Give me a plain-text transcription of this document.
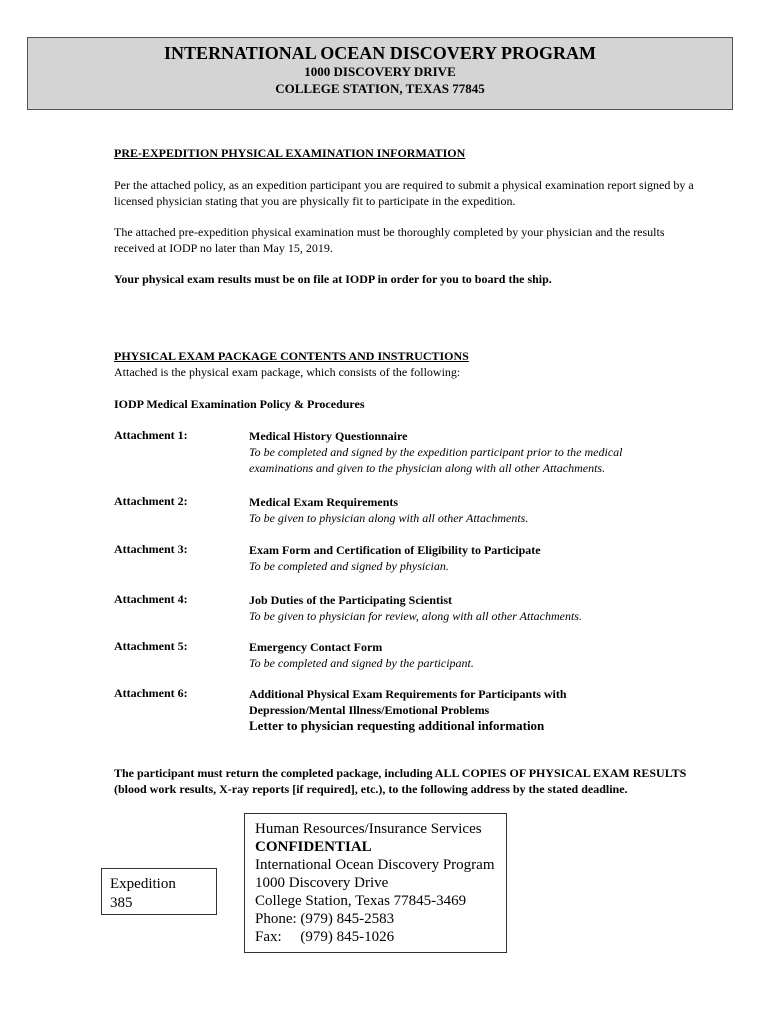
INTERNATIONAL OCEAN DISCOVERY PROGRAM
1000 DISCOVERY DRIVE
COLLEGE STATION, TEXAS 77845
PRE-EXPEDITION PHYSICAL EXAMINATION INFORMATION
Per the attached policy, as an expedition participant you are required to submit a physical examination report signed by a licensed physician stating that you are physically fit to participate in the expedition.
The attached pre-expedition physical examination must be thoroughly completed by your physician and the results received at IODP no later than May 15, 2019.
Your physical exam results must be on file at IODP in order for you to board the ship.
PHYSICAL EXAM PACKAGE CONTENTS AND INSTRUCTIONS
Attached is the physical exam package, which consists of the following:
IODP Medical Examination Policy & Procedures
Attachment 1:	Medical History Questionnaire
To be completed and signed by the expedition participant prior to the medical examinations and given to the physician along with all other Attachments.
Attachment 2:	Medical Exam Requirements
To be given to physician along with all other Attachments.
Attachment 3:	Exam Form and Certification of Eligibility to Participate
To be completed and signed by physician.
Attachment 4:	Job Duties of the Participating Scientist
To be given to physician for review, along with all other Attachments.
Attachment 5:	Emergency Contact Form
To be completed and signed by the participant.
Attachment 6:	Additional Physical Exam Requirements for Participants with Depression/Mental Illness/Emotional Problems
Letter to physician requesting additional information
The participant must return the completed package, including ALL COPIES OF PHYSICAL EXAM RESULTS (blood work results, X-ray reports [if required], etc.), to the following address by the stated deadline.
Human Resources/Insurance Services
CONFIDENTIAL
International Ocean Discovery Program
1000 Discovery Drive
College Station, Texas 77845-3469
Phone: (979) 845-2583
Fax:     (979) 845-1026
Expedition
385
